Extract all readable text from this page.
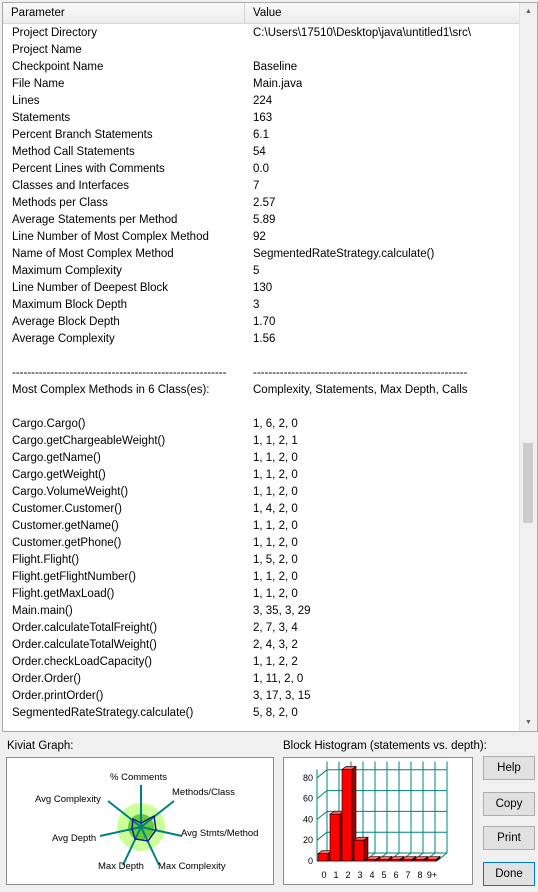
Parameter	Value
Project Directory	C:\Users\17510\Desktop\java\untitled1\src\
Project Name
Checkpoint Name	Baseline
File Name	Main.java
Lines	224
Statements	163
Percent Branch Statements	6.1
Method Call Statements	54
Percent Lines with Comments	0.0
Classes and Interfaces	7
Methods per Class	2.57
Average Statements per Method	5.89
Line Number of Most Complex Method	92
Name of Most Complex Method	SegmentedRateStrategy.calculate()
Maximum Complexity	5
Line Number of Deepest Block	130
Maximum Block Depth	3
Average Block Depth	1.70
Average Complexity	1.56
--------------------------------------------------------	--------------------------------------------------------
Most Complex Methods in 6 Class(es):	Complexity, Statements, Max Depth, Calls
Cargo.Cargo()	1, 6, 2, 0
Cargo.getChargeableWeight()	1, 1, 2, 1
Cargo.getName()	1, 1, 2, 0
Cargo.getWeight()	1, 1, 2, 0
Cargo.VolumeWeight()	1, 1, 2, 0
Customer.Customer()	1, 4, 2, 0
Customer.getName()	1, 1, 2, 0
Customer.getPhone()	1, 1, 2, 0
Flight.Flight()	1, 5, 2, 0
Flight.getFlightNumber()	1, 1, 2, 0
Flight.getMaxLoad()	1, 1, 2, 0
Main.main()	3, 35, 3, 29
Order.calculateTotalFreight()	2, 7, 3, 4
Order.calculateTotalWeight()	2, 4, 3, 2
Order.checkLoadCapacity()	1, 1, 2, 2
Order.Order()	1, 11, 2, 0
Order.printOrder()	3, 17, 3, 15
SegmentedRateStrategy.calculate()	5, 8, 2, 0
▲
▼
Kiviat Graph:	Block Histogram (statements vs. depth):
% Comments
Methods/Class
Avg Stmts/Method
Max Complexity
Max Depth
Avg Depth
Avg Complexity
0
20
40
60
80
0 1 2 3 4 5 6 7 8 9+
Help
Copy
Print
Done
